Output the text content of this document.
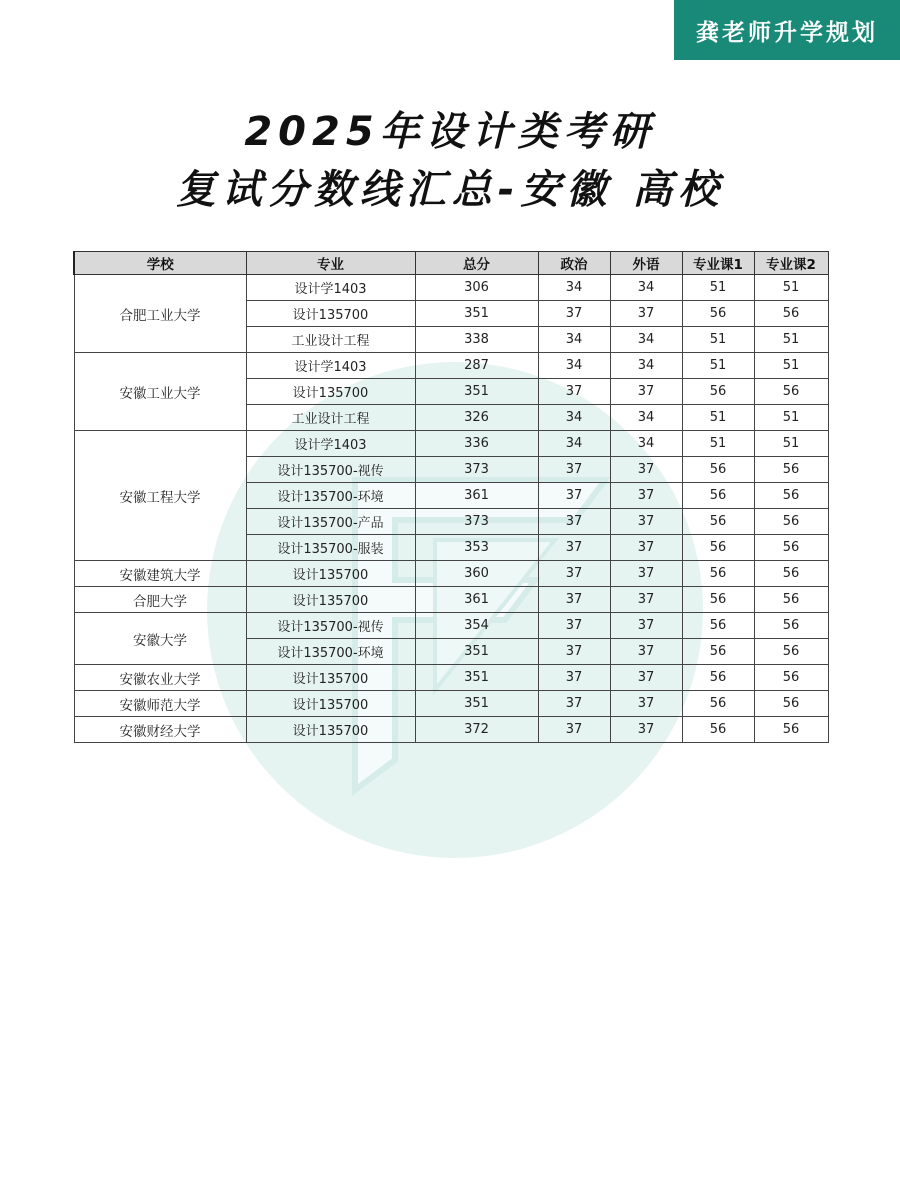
龚老师升学规划
2025年设计类考研
复试分数线汇总-安徽 高校
学校	专业	总分	政治	外语	专业课1	专业课2
合肥工业大学	设计学1403	306	34	34	51	51
	设计135700	351	37	37	56	56
	工业设计工程	338	34	34	51	51
安徽工业大学	设计学1403	287	34	34	51	51
	设计135700	351	37	37	56	56
	工业设计工程	326	34	34	51	51
安徽工程大学	设计学1403	336	34	34	51	51
	设计135700-视传	373	37	37	56	56
	设计135700-环境	361	37	37	56	56
	设计135700-产品	373	37	37	56	56
	设计135700-服装	353	37	37	56	56
安徽建筑大学	设计135700	360	37	37	56	56
合肥大学	设计135700	361	37	37	56	56
安徽大学	设计135700-视传	354	37	37	56	56
	设计135700-环境	351	37	37	56	56
安徽农业大学	设计135700	351	37	37	56	56
安徽师范大学	设计135700	351	37	37	56	56
安徽财经大学	设计135700	372	37	37	56	56
